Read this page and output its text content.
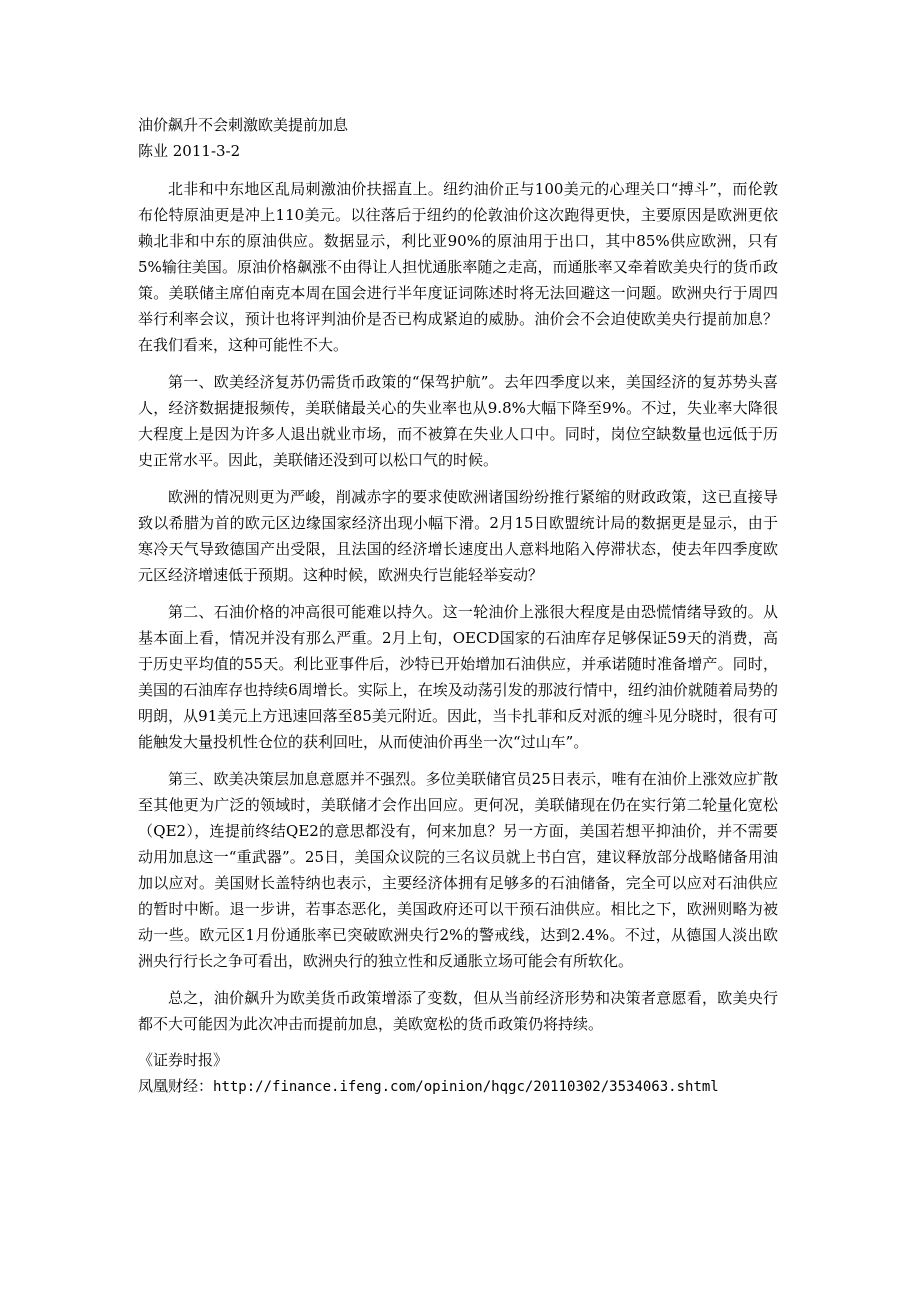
油价飙升不会刺激欧美提前加息
陈业 2011-3-2

北非和中东地区乱局刺激油价扶摇直上。纽约油价正与100美元的心理关口“搏斗”，而伦敦布伦特原油更是冲上110美元。以往落后于纽约的伦敦油价这次跑得更快，主要原因是欧洲更依赖北非和中东的原油供应。数据显示，利比亚90%的原油用于出口，其中85%供应欧洲，只有5%输往美国。原油价格飙涨不由得让人担忧通胀率随之走高，而通胀率又牵着欧美央行的货币政策。美联储主席伯南克本周在国会进行半年度证词陈述时将无法回避这一问题。欧洲央行于周四举行利率会议，预计也将评判油价是否已构成紧迫的威胁。油价会不会迫使欧美央行提前加息？在我们看来，这种可能性不大。

第一、欧美经济复苏仍需货币政策的“保驾护航”。去年四季度以来，美国经济的复苏势头喜人，经济数据捷报频传，美联储最关心的失业率也从9.8%大幅下降至9%。不过，失业率大降很大程度上是因为许多人退出就业市场，而不被算在失业人口中。同时，岗位空缺数量也远低于历史正常水平。因此，美联储还没到可以松口气的时候。

欧洲的情况则更为严峻，削减赤字的要求使欧洲诸国纷纷推行紧缩的财政政策，这已直接导致以希腊为首的欧元区边缘国家经济出现小幅下滑。2月15日欧盟统计局的数据更是显示，由于寒冷天气导致德国产出受限，且法国的经济增长速度出人意料地陷入停滞状态，使去年四季度欧元区经济增速低于预期。这种时候，欧洲央行岂能轻举妄动？

第二、石油价格的冲高很可能难以持久。这一轮油价上涨很大程度是由恐慌情绪导致的。从基本面上看，情况并没有那么严重。2月上旬，OECD国家的石油库存足够保证59天的消费，高于历史平均值的55天。利比亚事件后，沙特已开始增加石油供应，并承诺随时准备增产。同时，美国的石油库存也持续6周增长。实际上，在埃及动荡引发的那波行情中，纽约油价就随着局势的明朗，从91美元上方迅速回落至85美元附近。因此，当卡扎菲和反对派的缠斗见分晓时，很有可能触发大量投机性仓位的获利回吐，从而使油价再坐一次“过山车”。

第三、欧美决策层加息意愿并不强烈。多位美联储官员25日表示，唯有在油价上涨效应扩散至其他更为广泛的领域时，美联储才会作出回应。更何况，美联储现在仍在实行第二轮量化宽松（QE2），连提前终结QE2的意思都没有，何来加息？另一方面，美国若想平抑油价，并不需要动用加息这一“重武器”。25日，美国众议院的三名议员就上书白宫，建议释放部分战略储备用油加以应对。美国财长盖特纳也表示，主要经济体拥有足够多的石油储备，完全可以应对石油供应的暂时中断。退一步讲，若事态恶化，美国政府还可以干预石油供应。相比之下，欧洲则略为被动一些。欧元区1月份通胀率已突破欧洲央行2%的警戒线，达到2.4%。不过，从德国人淡出欧洲央行行长之争可看出，欧洲央行的独立性和反通胀立场可能会有所软化。

总之，油价飙升为欧美货币政策增添了变数，但从当前经济形势和决策者意愿看，欧美央行都不大可能因为此次冲击而提前加息，美欧宽松的货币政策仍将持续。

《证券时报》
凤凰财经：http://finance.ifeng.com/opinion/hqgc/20110302/3534063.shtml
